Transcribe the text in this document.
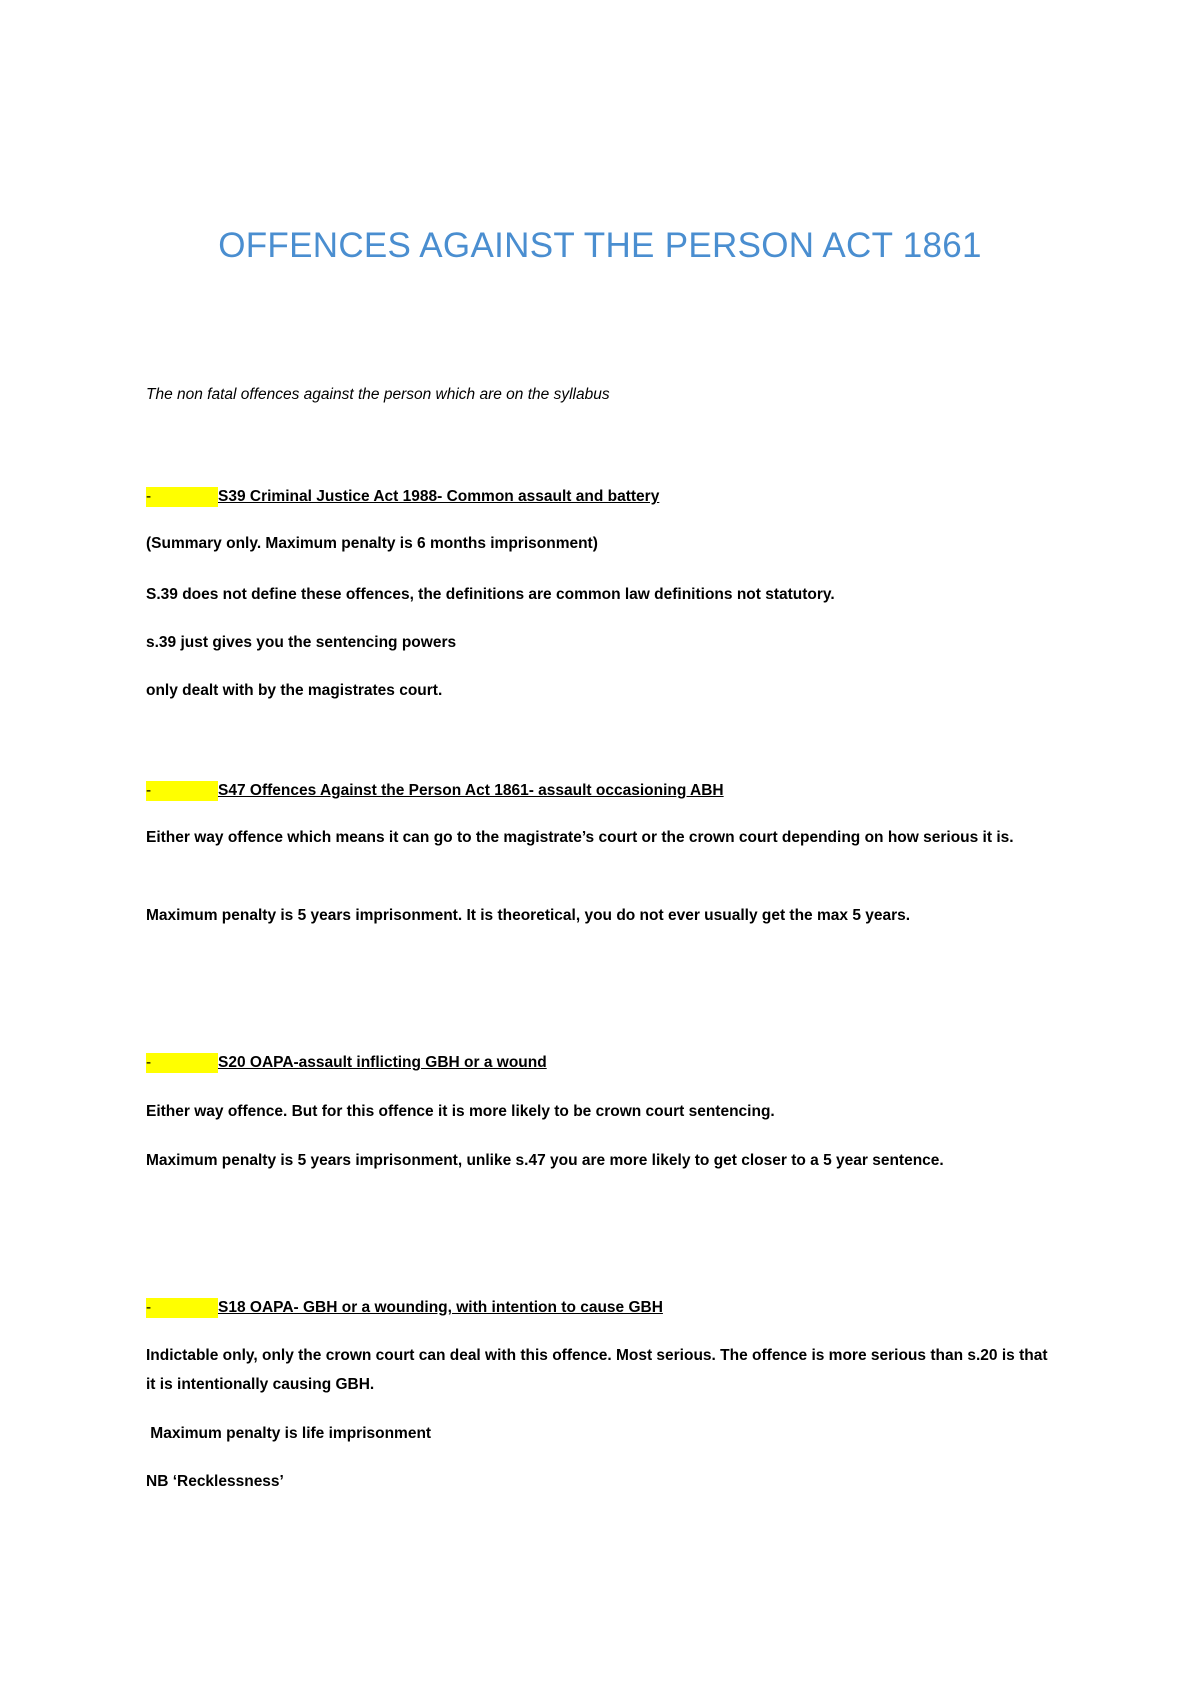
OFFENCES AGAINST THE PERSON ACT 1861
The non fatal offences against the person which are on the syllabus
-	S39 Criminal Justice Act 1988- Common assault and battery
(Summary only. Maximum penalty is 6 months imprisonment)
S.39 does not define these offences, the definitions are common law definitions not statutory.
s.39 just gives you the sentencing powers
only dealt with by the magistrates court.
-	S47 Offences Against the Person Act 1861- assault occasioning ABH
Either way offence which means it can go to the magistrate’s court or the crown court depending on how serious it is.
Maximum penalty is 5 years imprisonment. It is theoretical, you do not ever usually get the max 5 years.
-	S20 OAPA-assault inflicting GBH or a wound
Either way offence. But for this offence it is more likely to be crown court sentencing.
Maximum penalty is 5 years imprisonment, unlike s.47 you are more likely to get closer to a 5 year sentence.
-	S18 OAPA- GBH or a wounding, with intention to cause GBH
Indictable only, only the crown court can deal with this offence. Most serious. The offence is more serious than s.20 is that it is intentionally causing GBH.
Maximum penalty is life imprisonment
NB ‘Recklessness’
